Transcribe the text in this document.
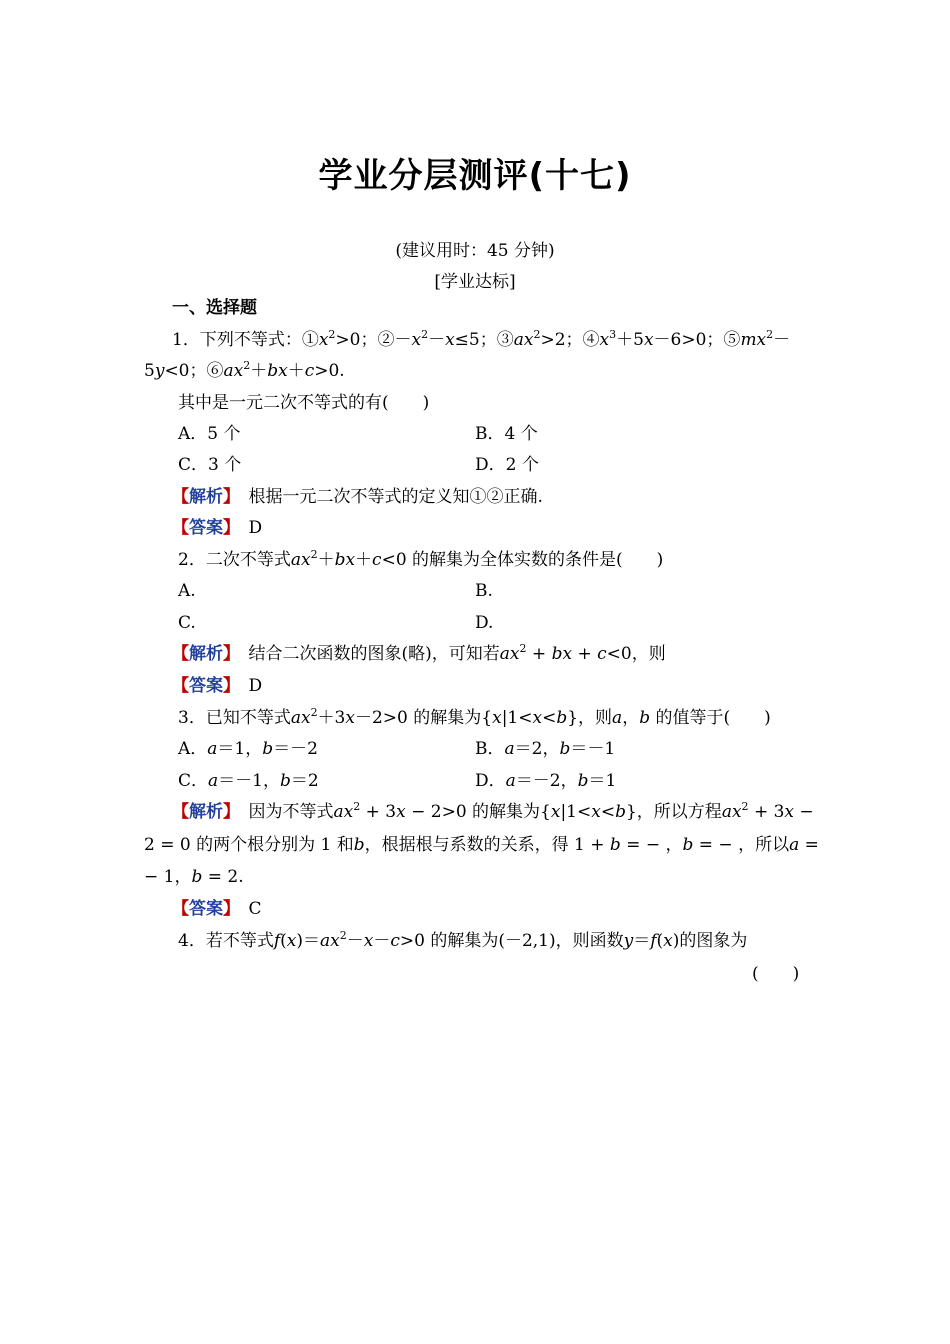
学业分层测评(十七)
(建议用时：45 分钟)
[学业达标]
一、选择题
1．下列不等式：$①x^2>0$；$②-x^2-x\le 5$；$③ax^2>2$；$④x^3+5x-6>0$；$⑤mx^2-$
5y<0；$⑥ax^2+bx+c>0$.
其中是一元二次不等式的有(　　)
A．5 个	B．4 个
C．3 个	D．2 个
【解析】　 根据一元二次不等式的定义知①②正确.
【答案】　 D
2．二次不等式$ax^2+bx+c<0$ 的解集为全体实数的条件是(　　)
A.	B.
C.	D.
【解析】　 结合二次函数的图象(略)，可知若$ax^2$ + bx + c<0，则
【答案】　 D
3．已知不等式$ax^2+3x-2>0$ 的解集为{x|1<x<b}，则a，b 的值等于(　　)
A．a＝1，b＝－2	B．a＝2，b＝－1
C．a＝－1，b＝2	D．a＝－2，b＝1
【解析】　 因为不等式$ax^2 + 3x - 2>0$ 的解集为{x|1<x<b}，所以方程$ax^2 + 3x$ −
2 = 0 的两个根分别为 1 和b，根据根与系数的关系，得 1 + b = − ，b = − ，所以a =
− 1，b = 2.
【答案】　 C
4．若不等式$f(x)=ax^2-x-c>0$ 的解集为(－2,1)，则函数y＝f(x)的图象为
(　　)
